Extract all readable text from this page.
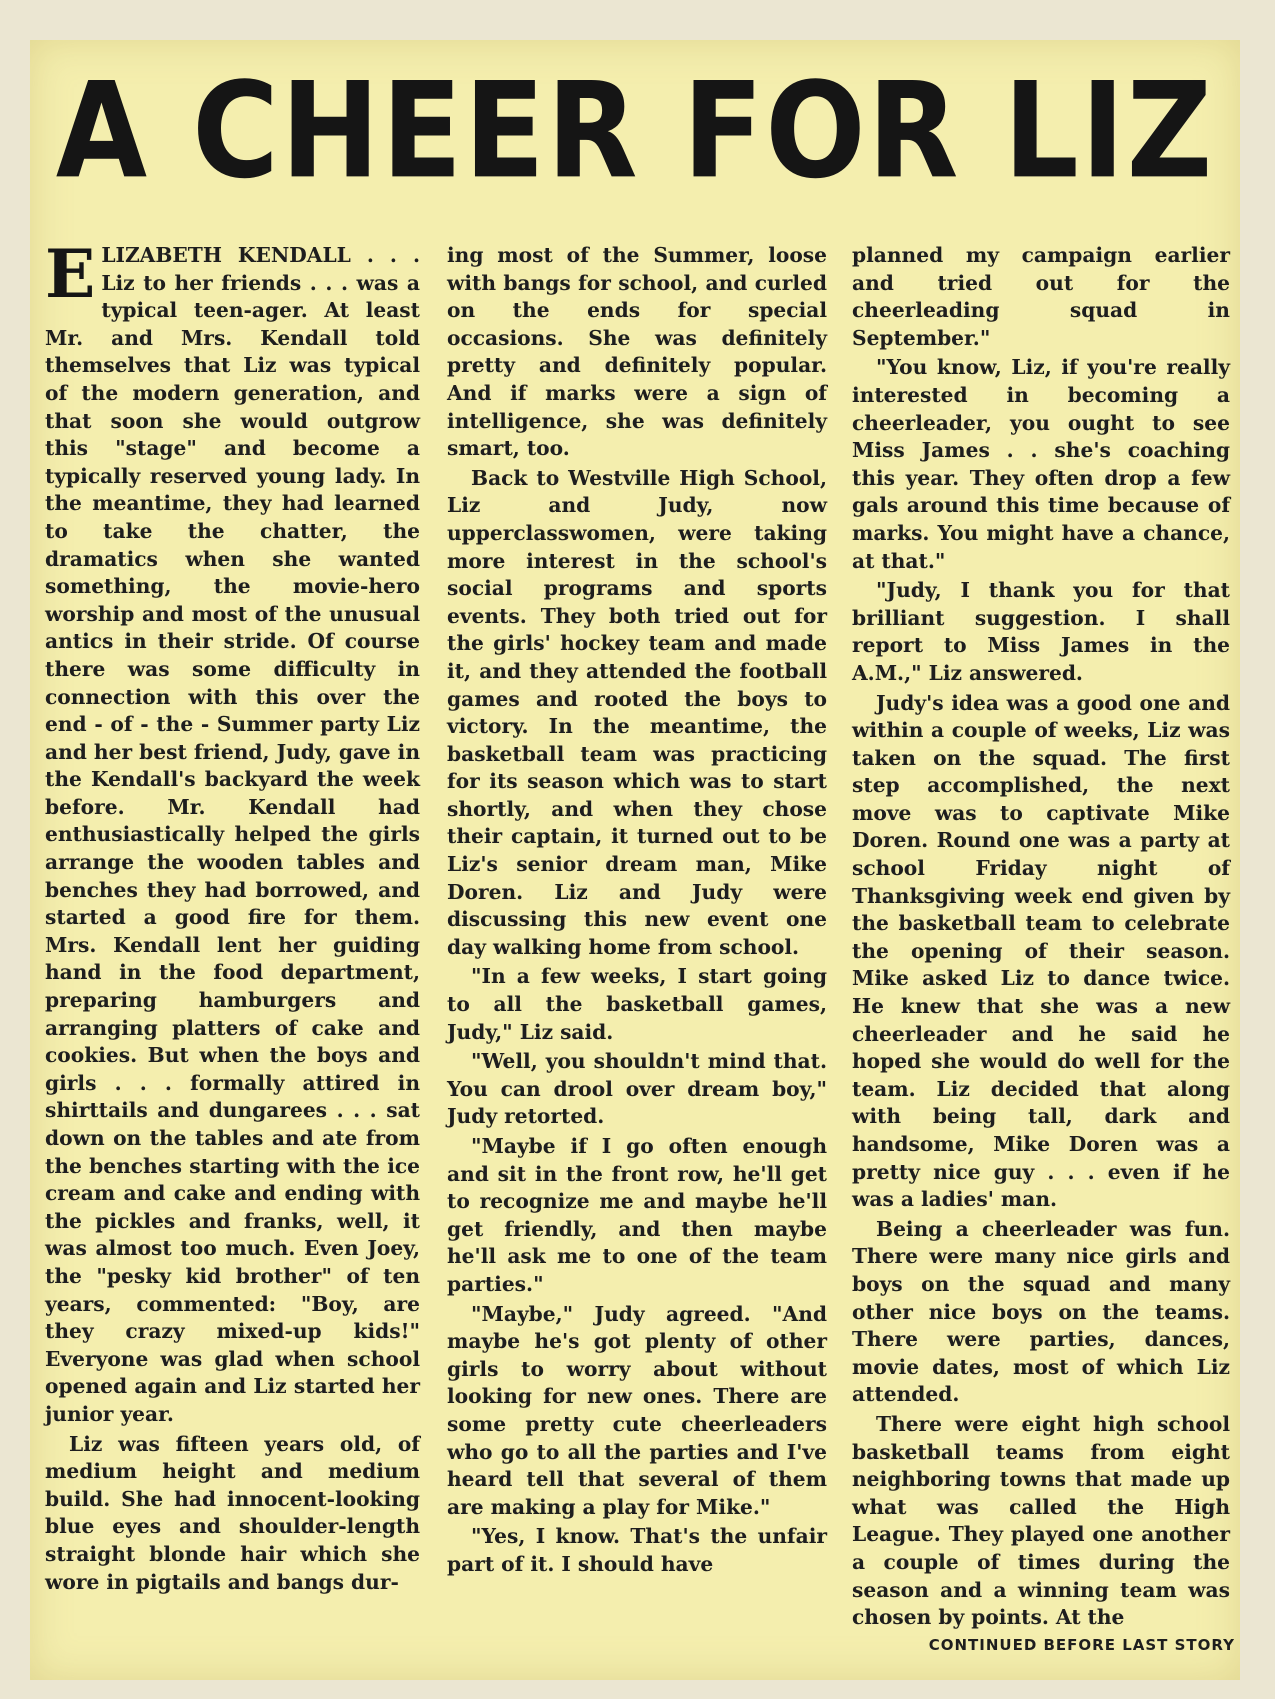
A CHEER FOR LIZ

ELIZABETH KENDALL . . . Liz to her friends . . . was a typical teen-ager. At least Mr. and Mrs. Kendall told themselves that Liz was typical of the modern generation, and that soon she would outgrow this "stage" and become a typically reserved young lady. In the meantime, they had learned to take the chatter, the dramatics when she wanted something, the movie-hero worship and most of the unusual antics in their stride. Of course there was some difficulty in connection with this over the end - of - the - Summer party Liz and her best friend, Judy, gave in the Kendall's backyard the week before. Mr. Kendall had enthusiastically helped the girls arrange the wooden tables and benches they had borrowed, and started a good fire for them. Mrs. Kendall lent her guiding hand in the food department, preparing hamburgers and arranging platters of cake and cookies. But when the boys and girls . . . formally attired in shirttails and dungarees . . . sat down on the tables and ate from the benches starting with the ice cream and cake and ending with the pickles and franks, well, it was almost too much. Even Joey, the "pesky kid brother" of ten years, commented: "Boy, are they crazy mixed-up kids!" Everyone was glad when school opened again and Liz started her junior year.

Liz was fifteen years old, of medium height and medium build. She had innocent-looking blue eyes and shoulder-length straight blonde hair which she wore in pigtails and bangs dur-

ing most of the Summer, loose with bangs for school, and curled on the ends for special occasions. She was definitely pretty and definitely popular. And if marks were a sign of intelligence, she was definitely smart, too.

Back to Westville High School, Liz and Judy, now upperclasswomen, were taking more interest in the school's social programs and sports events. They both tried out for the girls' hockey team and made it, and they attended the football games and rooted the boys to victory. In the meantime, the basketball team was practicing for its season which was to start shortly, and when they chose their captain, it turned out to be Liz's senior dream man, Mike Doren. Liz and Judy were discussing this new event one day walking home from school.

"In a few weeks, I start going to all the basketball games, Judy," Liz said.

"Well, you shouldn't mind that. You can drool over dream boy," Judy retorted.

"Maybe if I go often enough and sit in the front row, he'll get to recognize me and maybe he'll get friendly, and then maybe he'll ask me to one of the team parties."

"Maybe," Judy agreed. "And maybe he's got plenty of other girls to worry about without looking for new ones. There are some pretty cute cheerleaders who go to all the parties and I've heard tell that several of them are making a play for Mike."

"Yes, I know. That's the unfair part of it. I should have

planned my campaign earlier and tried out for the cheerleading squad in September."

"You know, Liz, if you're really interested in becoming a cheerleader, you ought to see Miss James . . she's coaching this year. They often drop a few gals around this time because of marks. You might have a chance, at that."

"Judy, I thank you for that brilliant suggestion. I shall report to Miss James in the A.M.," Liz answered.

Judy's idea was a good one and within a couple of weeks, Liz was taken on the squad. The first step accomplished, the next move was to captivate Mike Doren. Round one was a party at school Friday night of Thanksgiving week end given by the basketball team to celebrate the opening of their season. Mike asked Liz to dance twice. He knew that she was a new cheerleader and he said he hoped she would do well for the team. Liz decided that along with being tall, dark and handsome, Mike Doren was a pretty nice guy . . . even if he was a ladies' man.

Being a cheerleader was fun. There were many nice girls and boys on the squad and many other nice boys on the teams. There were parties, dances, movie dates, most of which Liz attended.

There were eight high school basketball teams from eight neighboring towns that made up what was called the High League. They played one another a couple of times during the season and a winning team was chosen by points. At the

CONTINUED BEFORE LAST STORY
